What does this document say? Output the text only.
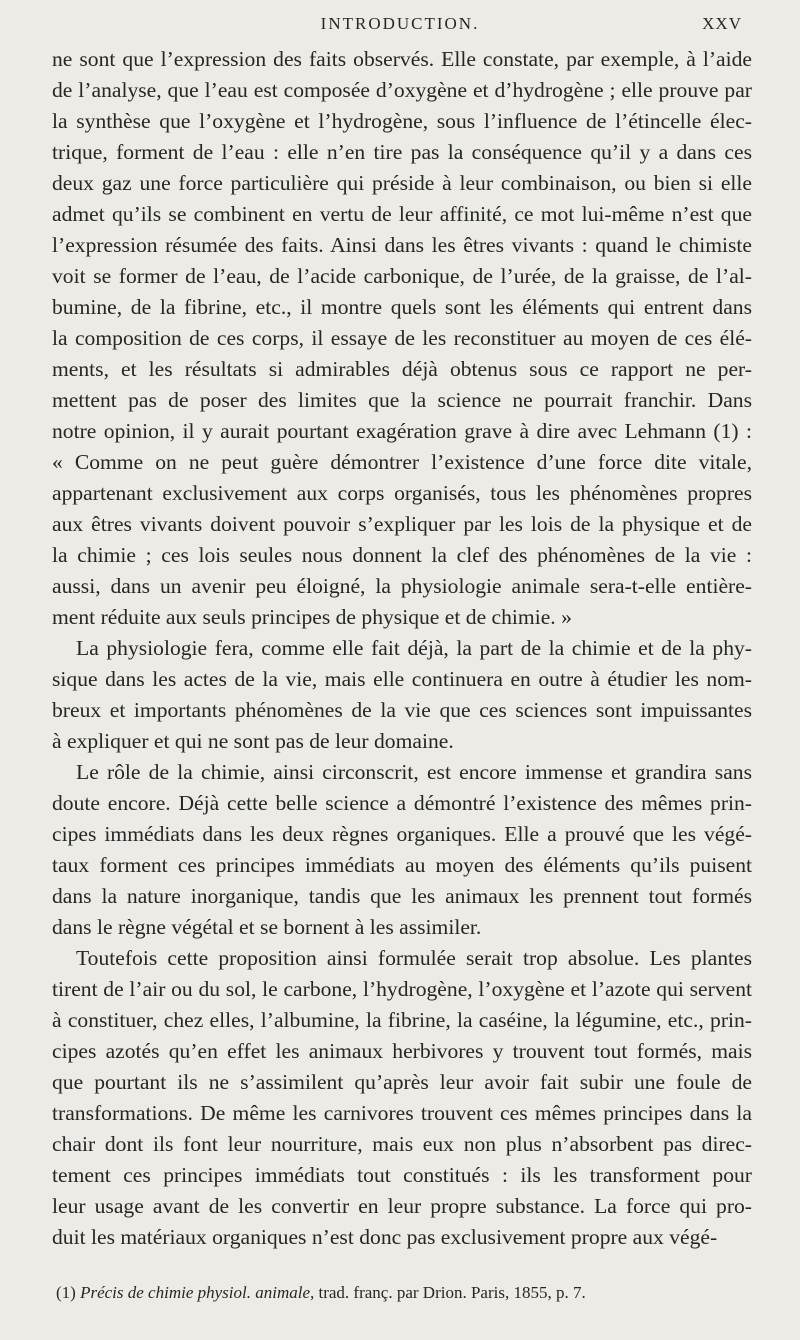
INTRODUCTION.	XXV

ne sont que l’expression des faits observés. Elle constate, par exemple, à l’aide

de l’analyse, que l’eau est composée d’oxygène et d’hydrogène ; elle prouve par

la synthèse que l’oxygène et l’hydrogène, sous l’influence de l’étincelle élec-

trique, forment de l’eau : elle n’en tire pas la conséquence qu’il y a dans ces

deux gaz une force particulière qui préside à leur combinaison, ou bien si elle

admet qu’ils se combinent en vertu de leur affinité, ce mot lui-même n’est que

l’expression résumée des faits. Ainsi dans les êtres vivants : quand le chimiste

voit se former de l’eau, de l’acide carbonique, de l’urée, de la graisse, de l’al-

bumine, de la fibrine, etc., il montre quels sont les éléments qui entrent dans

la composition de ces corps, il essaye de les reconstituer au moyen de ces élé-

ments, et les résultats si admirables déjà obtenus sous ce rapport ne per-

mettent pas de poser des limites que la science ne pourrait franchir. Dans

notre opinion, il y aurait pourtant exagération grave à dire avec Lehmann (1) :

« Comme on ne peut guère démontrer l’existence d’une force dite vitale,

appartenant exclusivement aux corps organisés, tous les phénomènes propres

aux êtres vivants doivent pouvoir s’expliquer par les lois de la physique et de

la chimie ; ces lois seules nous donnent la clef des phénomènes de la vie :

aussi, dans un avenir peu éloigné, la physiologie animale sera-t-elle entière-

ment réduite aux seuls principes de physique et de chimie. »

La physiologie fera, comme elle fait déjà, la part de la chimie et de la phy-

sique dans les actes de la vie, mais elle continuera en outre à étudier les nom-

breux et importants phénomènes de la vie que ces sciences sont impuissantes

à expliquer et qui ne sont pas de leur domaine.

Le rôle de la chimie, ainsi circonscrit, est encore immense et grandira sans

doute encore. Déjà cette belle science a démontré l’existence des mêmes prin-

cipes immédiats dans les deux règnes organiques. Elle a prouvé que les végé-

taux forment ces principes immédiats au moyen des éléments qu’ils puisent

dans la nature inorganique, tandis que les animaux les prennent tout formés

dans le règne végétal et se bornent à les assimiler.

Toutefois cette proposition ainsi formulée serait trop absolue. Les plantes

tirent de l’air ou du sol, le carbone, l’hydrogène, l’oxygène et l’azote qui servent

à constituer, chez elles, l’albumine, la fibrine, la caséine, la légumine, etc., prin-

cipes azotés qu’en effet les animaux herbivores y trouvent tout formés, mais

que pourtant ils ne s’assimilent qu’après leur avoir fait subir une foule de

transformations. De même les carnivores trouvent ces mêmes principes dans la

chair dont ils font leur nourriture, mais eux non plus n’absorbent pas direc-

tement ces principes immédiats tout constitués : ils les transforment pour

leur usage avant de les convertir en leur propre substance. La force qui pro-

duit les matériaux organiques n’est donc pas exclusivement propre aux végé-

(1) Précis de chimie physiol. animale, trad. franç. par Drion. Paris, 1855, p. 7.
